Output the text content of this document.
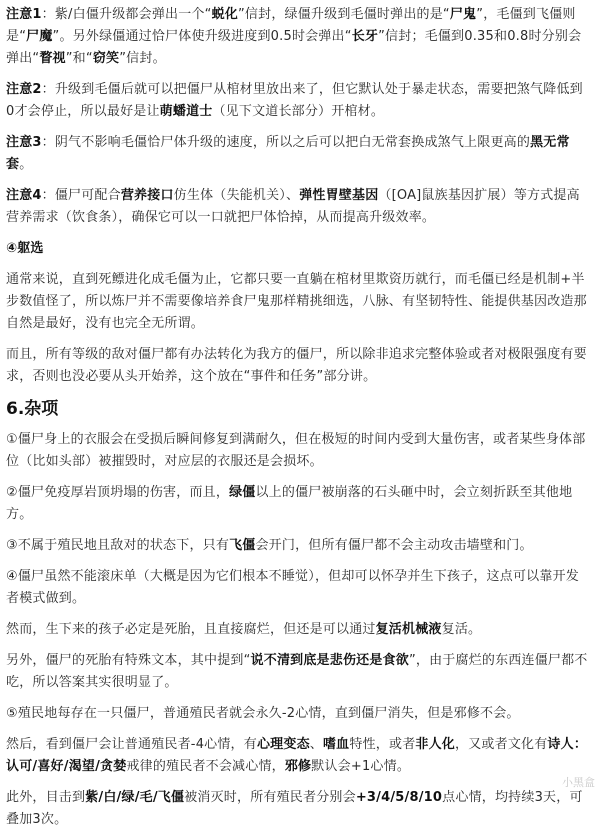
注意1：紫/白僵升级都会弹出一个“蜕化”信封，绿僵升级到毛僵时弹出的是“尸鬼”，毛僵到飞僵则是“尸魔”。另外绿僵通过恰尸体使升级进度到0.5时会弹出“长牙”信封；毛僵到0.35和0.8时分别会弹出“瞀视”和“窃笑”信封。

注意2：升级到毛僵后就可以把僵尸从棺材里放出来了，但它默认处于暴走状态，需要把煞气降低到0才会停止，所以最好是让萌蟠道士（见下文道长部分）开棺材。

注意3：阴气不影响毛僵恰尸体升级的速度，所以之后可以把白无常套换成煞气上限更高的黑无常套。

注意4：僵尸可配合营养接口仿生体（失能机关）、弹性胃壁基因（[OA]鼠族基因扩展）等方式提高营养需求（饮食条），确保它可以一口就把尸体恰掉，从而提高升级效率。

④躯选

通常来说，直到死鳔进化成毛僵为止，它都只要一直躺在棺材里欺资历就行，而毛僵已经是机制+半步数值怪了，所以炼尸并不需要像培养食尸鬼那样精挑细选，八脉、有坚韧特性、能提供基因改造那自然是最好，没有也完全无所谓。

而且，所有等级的敌对僵尸都有办法转化为我方的僵尸，所以除非追求完整体验或者对极限强度有要求，否则也没必要从头开始养，这个放在“事件和任务”部分讲。

6.杂项

①僵尸身上的衣服会在受损后瞬间修复到满耐久，但在极短的时间内受到大量伤害，或者某些身体部位（比如头部）被摧毁时，对应层的衣服还是会损坏。

②僵尸免疫厚岩顶坍塌的伤害，而且，绿僵以上的僵尸被崩落的石头砸中时，会立刻折跃至其他地方。

③不属于殖民地且敌对的状态下，只有飞僵会开门，但所有僵尸都不会主动攻击墙壁和门。

④僵尸虽然不能滚床单（大概是因为它们根本不睡觉），但却可以怀孕并生下孩子，这点可以靠开发者模式做到。

然而，生下来的孩子必定是死胎，且直接腐烂，但还是可以通过复活机械液复活。

另外，僵尸的死胎有特殊文本，其中提到“说不清到底是悲伤还是食欲”，由于腐烂的东西连僵尸都不吃，所以答案其实很明显了。

⑤殖民地每存在一只僵尸，普通殖民者就会永久-2心情，直到僵尸消失，但是邪修不会。

然后，看到僵尸会让普通殖民者-4心情，有心理变态、嗜血特性，或者非人化，又或者文化有诗人：认可/喜好/渴望/贪婪戒律的殖民者不会减心情，邪修默认会+1心情。

此外，目击到紫/白/绿/毛/飞僵被消灭时，所有殖民者分别会+3/4/5/8/10点心情，均持续3天，可叠加3次。	小黑盒
